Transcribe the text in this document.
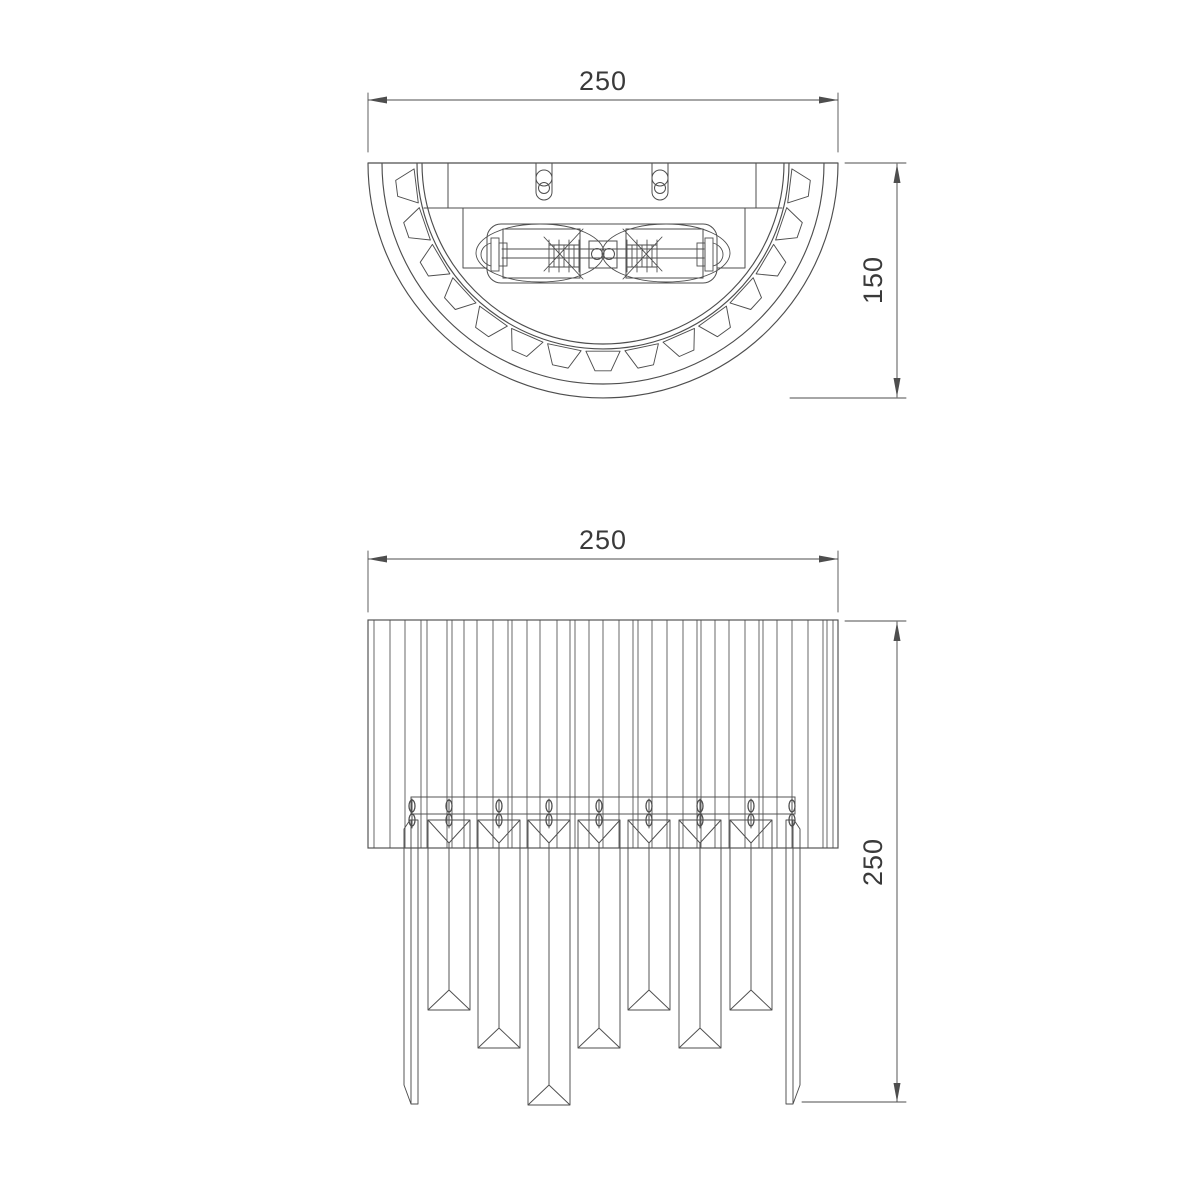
250
150
250
250
